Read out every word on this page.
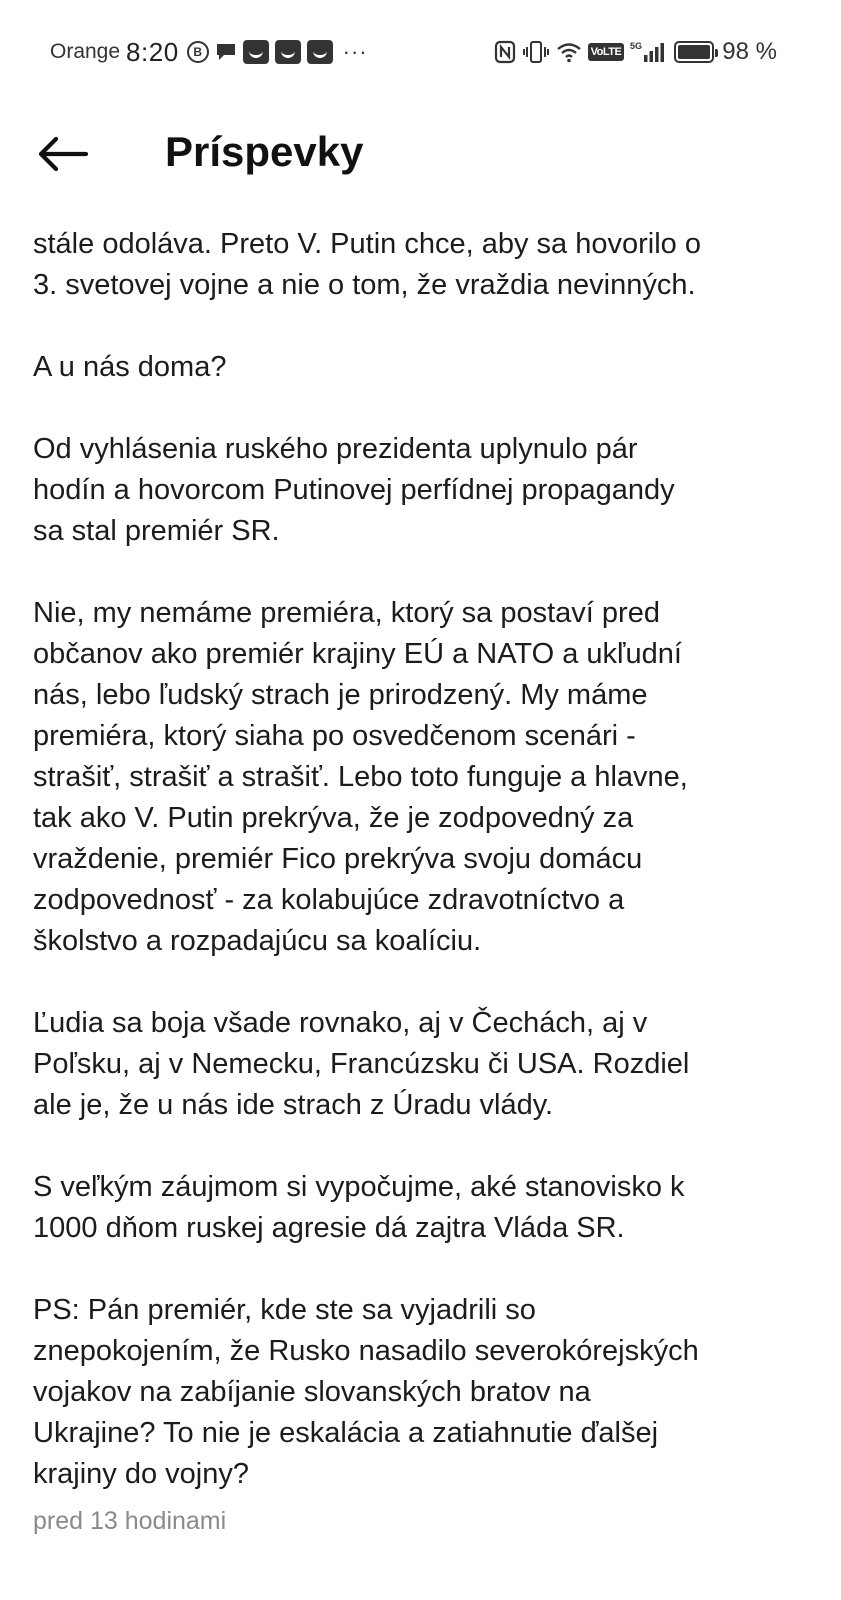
Orange 8:20	B	···	VoLTE	5G	98 %
Príspevky
stále odoláva. Preto V. Putin chce, aby sa hovorilo o
3. svetovej vojne a nie o tom, že vraždia nevinných.
A u nás doma?
Od vyhlásenia ruského prezidenta uplynulo pár
hodín a hovorcom Putinovej perfídnej propagandy
sa stal premiér SR.
Nie, my nemáme premiéra, ktorý sa postaví pred
občanov ako premiér krajiny EÚ a NATO a ukľudní
nás, lebo ľudský strach je prirodzený. My máme
premiéra, ktorý siaha po osvedčenom scenári -
strašiť, strašiť a strašiť. Lebo toto funguje a hlavne,
tak ako V. Putin prekrýva, že je zodpovedný za
vraždenie, premiér Fico prekrýva svoju domácu
zodpovednosť - za kolabujúce zdravotníctvo a
školstvo a rozpadajúcu sa koalíciu.
Ľudia sa boja všade rovnako, aj v Čechách, aj v
Poľsku, aj v Nemecku, Francúzsku či USA. Rozdiel
ale je, že u nás ide strach z Úradu vlády.
S veľkým záujmom si vypočujme, aké stanovisko k
1000 dňom ruskej agresie dá zajtra Vláda SR.
PS: Pán premiér, kde ste sa vyjadrili so
znepokojením, že Rusko nasadilo severokórejských
vojakov na zabíjanie slovanských bratov na
Ukrajine? To nie je eskalácia a zatiahnutie ďalšej
krajiny do vojny?
pred 13 hodinami
